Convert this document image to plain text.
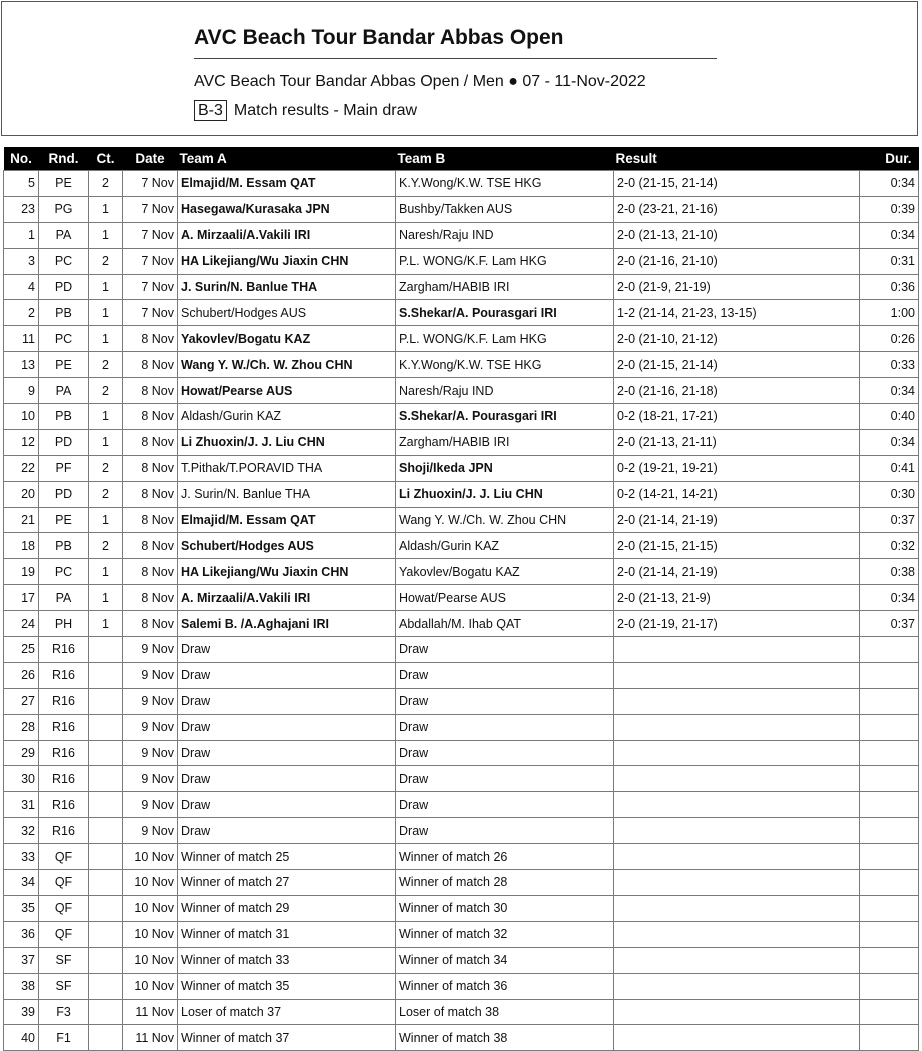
AVC Beach Tour Bandar Abbas Open
AVC Beach Tour Bandar Abbas Open / Men ● 07 - 11-Nov-2022
B-3 Match results - Main draw
No.	Rnd.	Ct.	Date	Team A	Team B	Result	Dur.
5	PE	2	7 Nov	Elmajid/M. Essam QAT	K.Y.Wong/K.W. TSE HKG	2-0 (21-15, 21-14)	0:34
23	PG	1	7 Nov	Hasegawa/Kurasaka JPN	Bushby/Takken AUS	2-0 (23-21, 21-16)	0:39
1	PA	1	7 Nov	A. Mirzaali/A.Vakili IRI	Naresh/Raju IND	2-0 (21-13, 21-10)	0:34
3	PC	2	7 Nov	HA Likejiang/Wu Jiaxin CHN	P.L. WONG/K.F. Lam HKG	2-0 (21-16, 21-10)	0:31
4	PD	1	7 Nov	J. Surin/N. Banlue THA	Zargham/HABIB IRI	2-0 (21-9, 21-19)	0:36
2	PB	1	7 Nov	Schubert/Hodges AUS	S.Shekar/A. Pourasgari IRI	1-2 (21-14, 21-23, 13-15)	1:00
11	PC	1	8 Nov	Yakovlev/Bogatu KAZ	P.L. WONG/K.F. Lam HKG	2-0 (21-10, 21-12)	0:26
13	PE	2	8 Nov	Wang Y. W./Ch. W. Zhou CHN	K.Y.Wong/K.W. TSE HKG	2-0 (21-15, 21-14)	0:33
9	PA	2	8 Nov	Howat/Pearse AUS	Naresh/Raju IND	2-0 (21-16, 21-18)	0:34
10	PB	1	8 Nov	Aldash/Gurin KAZ	S.Shekar/A. Pourasgari IRI	0-2 (18-21, 17-21)	0:40
12	PD	1	8 Nov	Li Zhuoxin/J. J. Liu CHN	Zargham/HABIB IRI	2-0 (21-13, 21-11)	0:34
22	PF	2	8 Nov	T.Pithak/T.PORAVID THA	Shoji/Ikeda JPN	0-2 (19-21, 19-21)	0:41
20	PD	2	8 Nov	J. Surin/N. Banlue THA	Li Zhuoxin/J. J. Liu CHN	0-2 (14-21, 14-21)	0:30
21	PE	1	8 Nov	Elmajid/M. Essam QAT	Wang Y. W./Ch. W. Zhou CHN	2-0 (21-14, 21-19)	0:37
18	PB	2	8 Nov	Schubert/Hodges AUS	Aldash/Gurin KAZ	2-0 (21-15, 21-15)	0:32
19	PC	1	8 Nov	HA Likejiang/Wu Jiaxin CHN	Yakovlev/Bogatu KAZ	2-0 (21-14, 21-19)	0:38
17	PA	1	8 Nov	A. Mirzaali/A.Vakili IRI	Howat/Pearse AUS	2-0 (21-13, 21-9)	0:34
24	PH	1	8 Nov	Salemi B. /A.Aghajani IRI	Abdallah/M. Ihab QAT	2-0 (21-19, 21-17)	0:37
25	R16		9 Nov	Draw	Draw		
26	R16		9 Nov	Draw	Draw		
27	R16		9 Nov	Draw	Draw		
28	R16		9 Nov	Draw	Draw		
29	R16		9 Nov	Draw	Draw		
30	R16		9 Nov	Draw	Draw		
31	R16		9 Nov	Draw	Draw		
32	R16		9 Nov	Draw	Draw		
33	QF		10 Nov	Winner of match 25	Winner of match 26		
34	QF		10 Nov	Winner of match 27	Winner of match 28		
35	QF		10 Nov	Winner of match 29	Winner of match 30		
36	QF		10 Nov	Winner of match 31	Winner of match 32		
37	SF		10 Nov	Winner of match 33	Winner of match 34		
38	SF		10 Nov	Winner of match 35	Winner of match 36		
39	F3		11 Nov	Loser of match 37	Loser of match 38		
40	F1		11 Nov	Winner of match 37	Winner of match 38		
